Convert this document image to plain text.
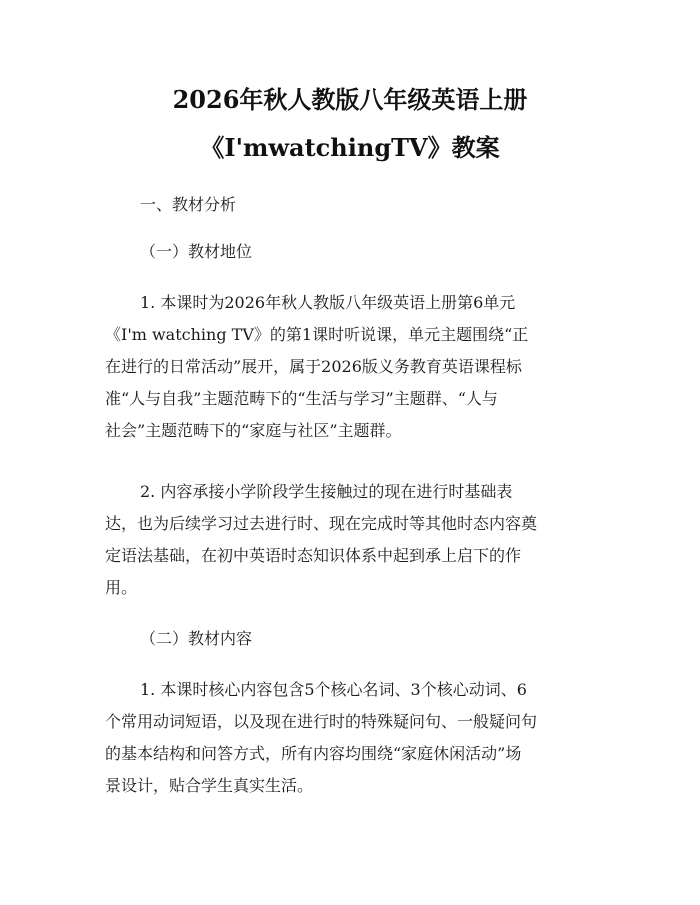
2026年秋人教版八年级英语上册
《I'mwatchingTV》教案
一、教材分析
（一）教材地位
1. 本课时为2026年秋人教版八年级英语上册第6单元
《I'm watching TV》的第1课时听说课，单元主题围绕“正
在进行的日常活动”展开，属于2026版义务教育英语课程标
准“人与自我”主题范畴下的“生活与学习”主题群、“人与
社会”主题范畴下的“家庭与社区”主题群。
2. 内容承接小学阶段学生接触过的现在进行时基础表
达，也为后续学习过去进行时、现在完成时等其他时态内容奠
定语法基础，在初中英语时态知识体系中起到承上启下的作
用。
（二）教材内容
1. 本课时核心内容包含5个核心名词、3个核心动词、6
个常用动词短语，以及现在进行时的特殊疑问句、一般疑问句
的基本结构和问答方式，所有内容均围绕“家庭休闲活动”场
景设计，贴合学生真实生活。
